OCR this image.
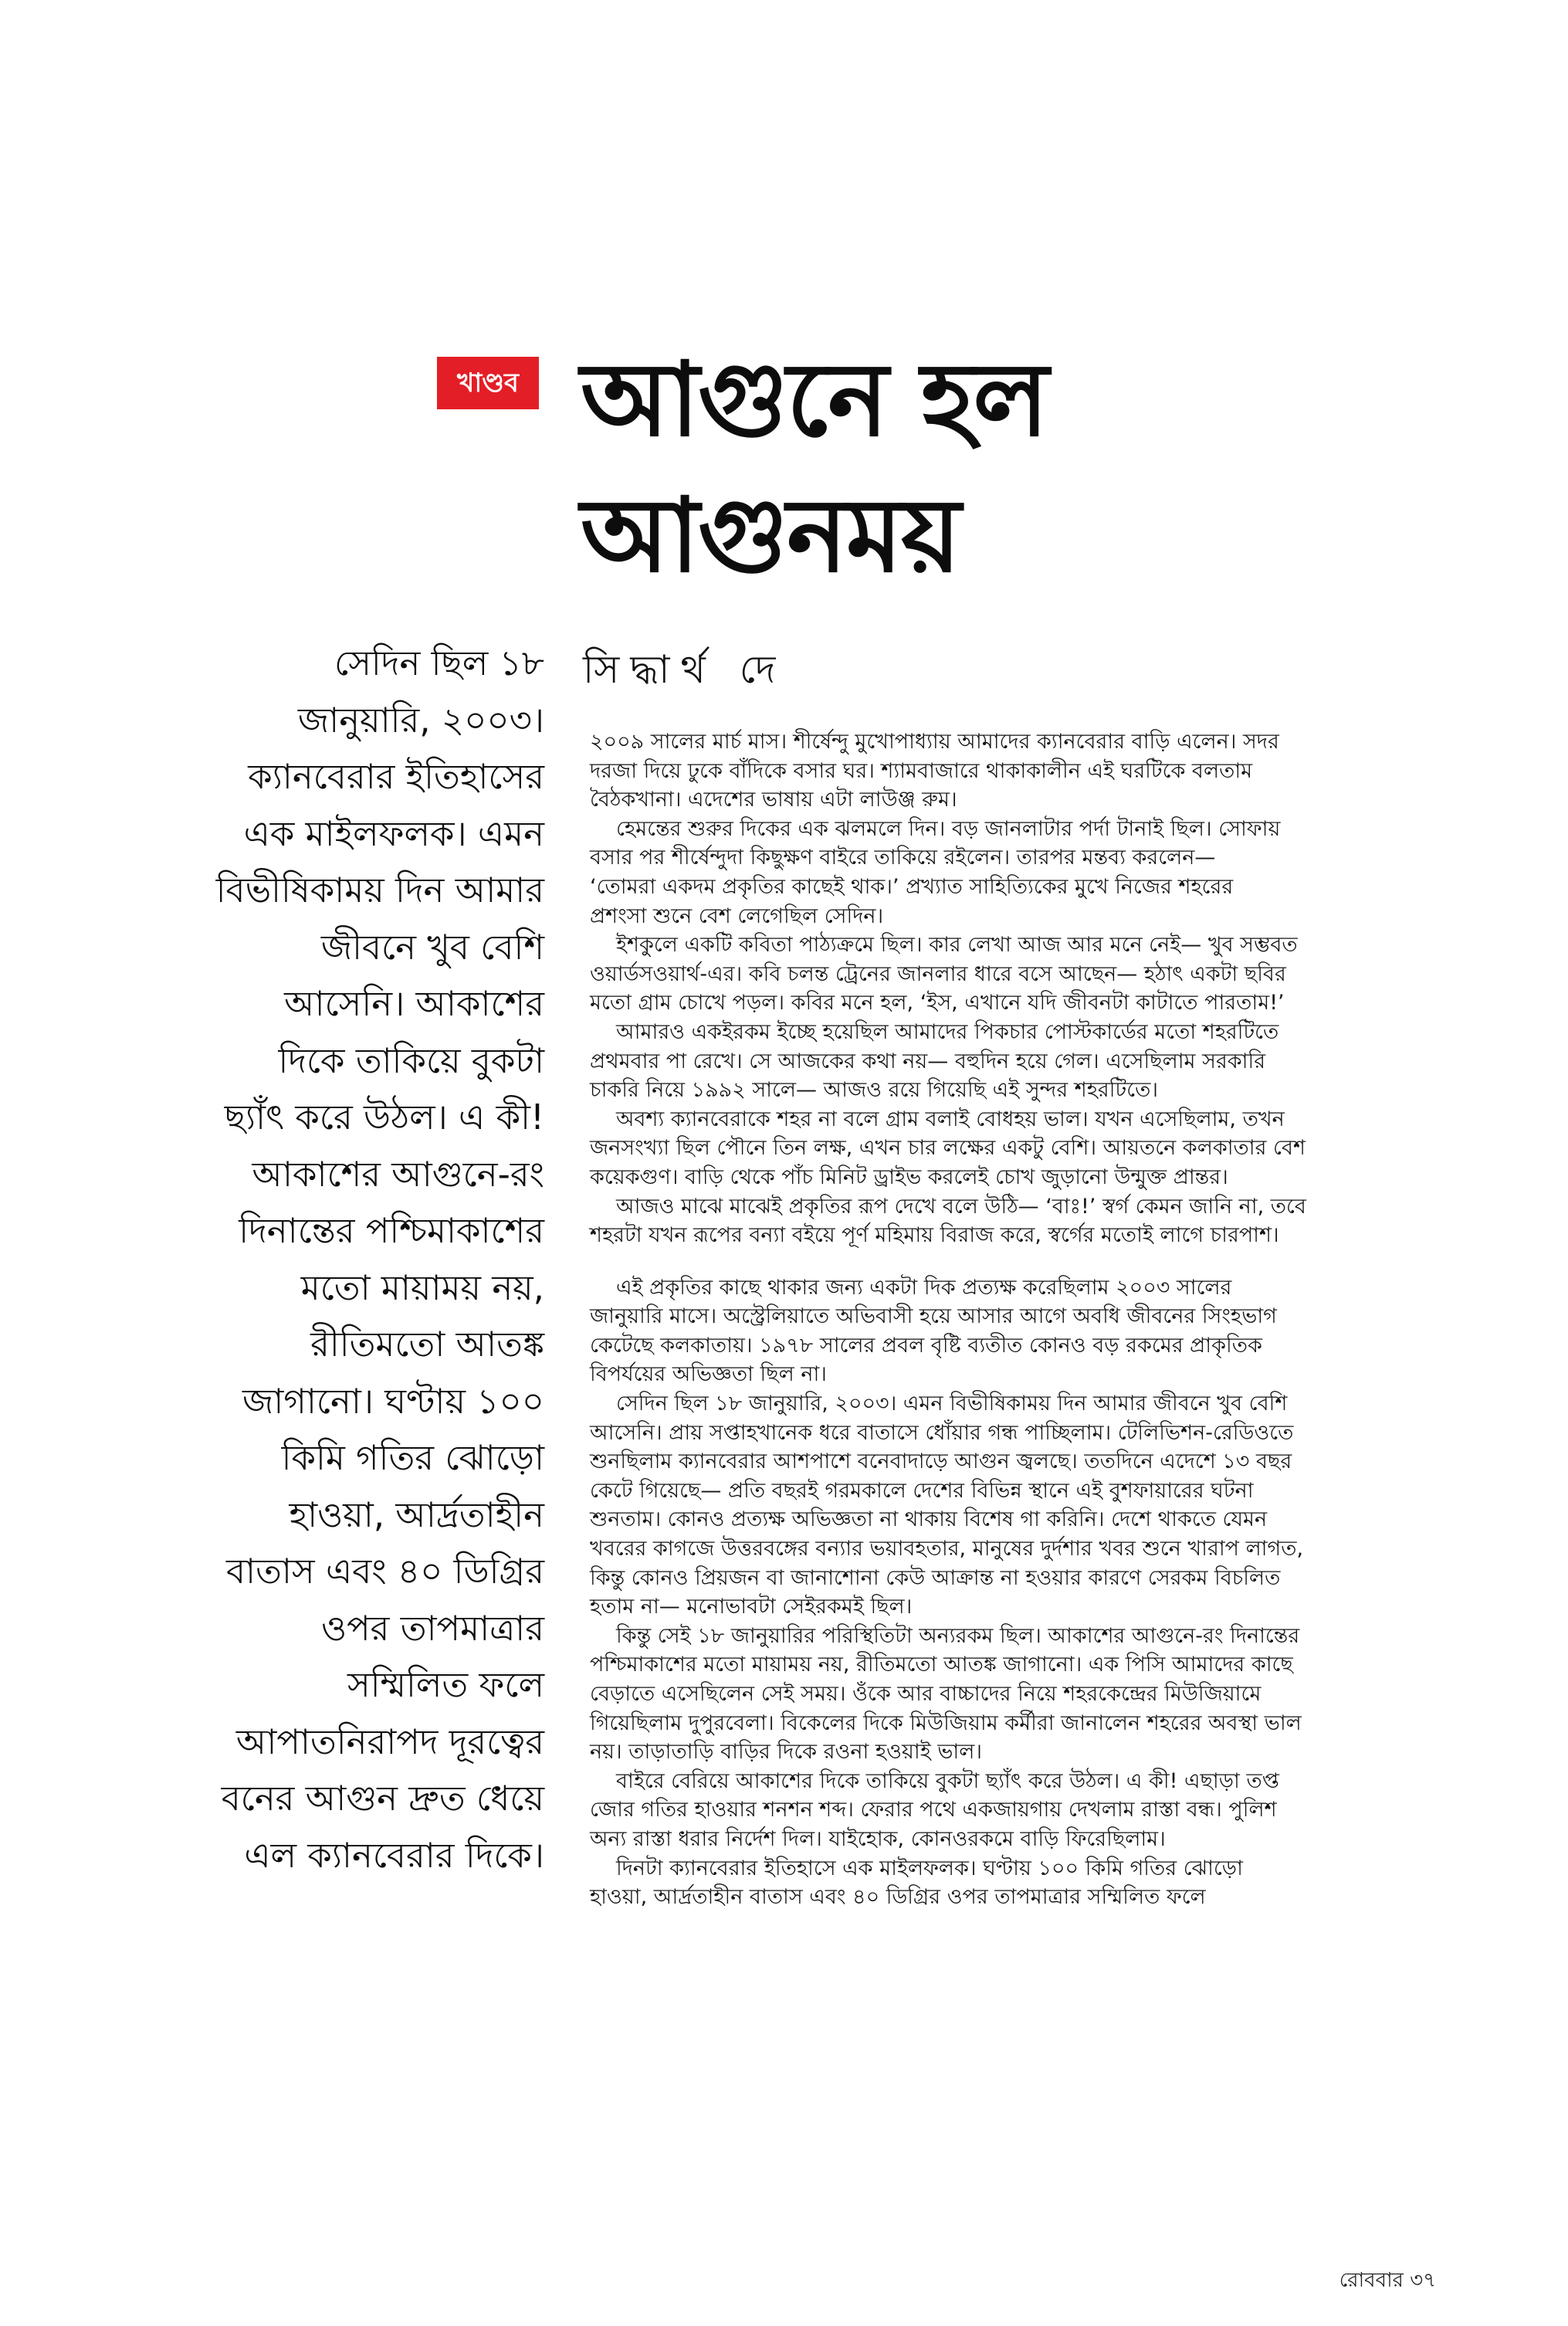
খাণ্ডব আগুনে হল
আগুনময়
সিদ্ধার্থ দে
সেদিন ছিল ১৮
জানুয়ারি, ২০০৩।
ক্যানবেরার ইতিহাসের
এক মাইলফলক। এমন
বিভীষিকাময় দিন আমার
জীবনে খুব বেশি
আসেনি। আকাশের
দিকে তাকিয়ে বুকটা
ছ্যাঁৎ করে উঠল। এ কী!
আকাশের আগুনে-রং
দিনান্তের পশ্চিমাকাশের
মতো মায়াময় নয়,
রীতিমতো আতঙ্ক
জাগানো। ঘণ্টায় ১০০
কিমি গতির ঝোড়ো
হাওয়া, আর্দ্রতাহীন
বাতাস এবং ৪০ ডিগ্রির
ওপর তাপমাত্রার
সম্মিলিত ফলে
আপাতনিরাপদ দূরত্বের
বনের আগুন দ্রুত ধেয়ে
এল ক্যানবেরার দিকে।

২০০৯ সালের মার্চ মাস। শীর্ষেন্দু মুখোপাধ্যায় আমাদের ক্যানবেরার বাড়ি এলেন। সদর
দরজা দিয়ে ঢুকে বাঁদিকে বসার ঘর। শ্যামবাজারে থাকাকালীন এই ঘরটিকে বলতাম
বৈঠকখানা। এদেশের ভাষায় এটা লাউঞ্জ রুম।

হেমন্তের শুরুর দিকের এক ঝলমলে দিন। বড় জানলাটার পর্দা টানাই ছিল। সোফায়
বসার পর শীর্ষেন্দুদা কিছুক্ষণ বাইরে তাকিয়ে রইলেন। তারপর মন্তব্য করলেন—
‘তোমরা একদম প্রকৃতির কাছেই থাক।’ প্রখ্যাত সাহিত্যিকের মুখে নিজের শহরের
প্রশংসা শুনে বেশ লেগেছিল সেদিন।

ইশকুলে একটি কবিতা পাঠ্যক্রমে ছিল। কার লেখা আজ আর মনে নেই— খুব সম্ভবত
ওয়ার্ডসওয়ার্থ-এর। কবি চলন্ত ট্রেনের জানলার ধারে বসে আছেন— হঠাৎ একটা ছবির
মতো গ্রাম চোখে পড়ল। কবির মনে হল, ‘ইস, এখানে যদি জীবনটা কাটাতে পারতাম!’

আমারও একইরকম ইচ্ছে হয়েছিল আমাদের পিকচার পোস্টকার্ডের মতো শহরটিতে
প্রথমবার পা রেখে। সে আজকের কথা নয়— বহুদিন হয়ে গেল। এসেছিলাম সরকারি
চাকরি নিয়ে ১৯৯২ সালে— আজও রয়ে গিয়েছি এই সুন্দর শহরটিতে।

অবশ্য ক্যানবেরাকে শহর না বলে গ্রাম বলাই বোধহয় ভাল। যখন এসেছিলাম, তখন
জনসংখ্যা ছিল পৌনে তিন লক্ষ, এখন চার লক্ষের একটু বেশি। আয়তনে কলকাতার বেশ
কয়েকগুণ। বাড়ি থেকে পাঁচ মিনিট ড্রাইভ করলেই চোখ জুড়ানো উন্মুক্ত প্রান্তর।

আজও মাঝে মাঝেই প্রকৃতির রূপ দেখে বলে উঠি— ‘বাঃ!’ স্বর্গ কেমন জানি না, তবে
শহরটা যখন রূপের বন্যা বইয়ে পূর্ণ মহিমায় বিরাজ করে, স্বর্গের মতোই লাগে চারপাশ।

এই প্রকৃতির কাছে থাকার জন্য একটা দিক প্রত্যক্ষ করেছিলাম ২০০৩ সালের
জানুয়ারি মাসে। অস্ট্রেলিয়াতে অভিবাসী হয়ে আসার আগে অবধি জীবনের সিংহভাগ
কেটেছে কলকাতায়। ১৯৭৮ সালের প্রবল বৃষ্টি ব্যতীত কোনও বড় রকমের প্রাকৃতিক
বিপর্যয়ের অভিজ্ঞতা ছিল না।

সেদিন ছিল ১৮ জানুয়ারি, ২০০৩। এমন বিভীষিকাময় দিন আমার জীবনে খুব বেশি
আসেনি। প্রায় সপ্তাহখানেক ধরে বাতাসে ধোঁয়ার গন্ধ পাচ্ছিলাম। টেলিভিশন-রেডিওতে
শুনছিলাম ক্যানবেরার আশপাশে বনেবাদাড়ে আগুন জ্বলছে। ততদিনে এদেশে ১৩ বছর
কেটে গিয়েছে— প্রতি বছরই গরমকালে দেশের বিভিন্ন স্থানে এই বুশফায়ারের ঘটনা
শুনতাম। কোনও প্রত্যক্ষ অভিজ্ঞতা না থাকায় বিশেষ গা করিনি। দেশে থাকতে যেমন
খবরের কাগজে উত্তরবঙ্গের বন্যার ভয়াবহতার, মানুষের দুর্দশার খবর শুনে খারাপ লাগত,
কিন্তু কোনও প্রিয়জন বা জানাশোনা কেউ আক্রান্ত না হওয়ার কারণে সেরকম বিচলিত
হতাম না— মনোভাবটা সেইরকমই ছিল।

কিন্তু সেই ১৮ জানুয়ারির পরিস্থিতিটা অন্যরকম ছিল। আকাশের আগুনে-রং দিনান্তের
পশ্চিমাকাশের মতো মায়াময় নয়, রীতিমতো আতঙ্ক জাগানো। এক পিসি আমাদের কাছে
বেড়াতে এসেছিলেন সেই সময়। ওঁকে আর বাচ্চাদের নিয়ে শহরকেন্দ্রের মিউজিয়ামে
গিয়েছিলাম দুপুরবেলা। বিকেলের দিকে মিউজিয়াম কর্মীরা জানালেন শহরের অবস্থা ভাল
নয়। তাড়াতাড়ি বাড়ির দিকে রওনা হওয়াই ভাল।

বাইরে বেরিয়ে আকাশের দিকে তাকিয়ে বুকটা ছ্যাঁৎ করে উঠল। এ কী! এছাড়া তপ্ত
জোর গতির হাওয়ার শনশন শব্দ। ফেরার পথে একজায়গায় দেখলাম রাস্তা বন্ধ। পুলিশ
অন্য রাস্তা ধরার নির্দেশ দিল। যাইহোক, কোনওরকমে বাড়ি ফিরেছিলাম।

দিনটা ক্যানবেরার ইতিহাসে এক মাইলফলক। ঘণ্টায় ১০০ কিমি গতির ঝোড়ো
হাওয়া, আর্দ্রতাহীন বাতাস এবং ৪০ ডিগ্রির ওপর তাপমাত্রার সম্মিলিত ফলে

রোববার ৩৭
